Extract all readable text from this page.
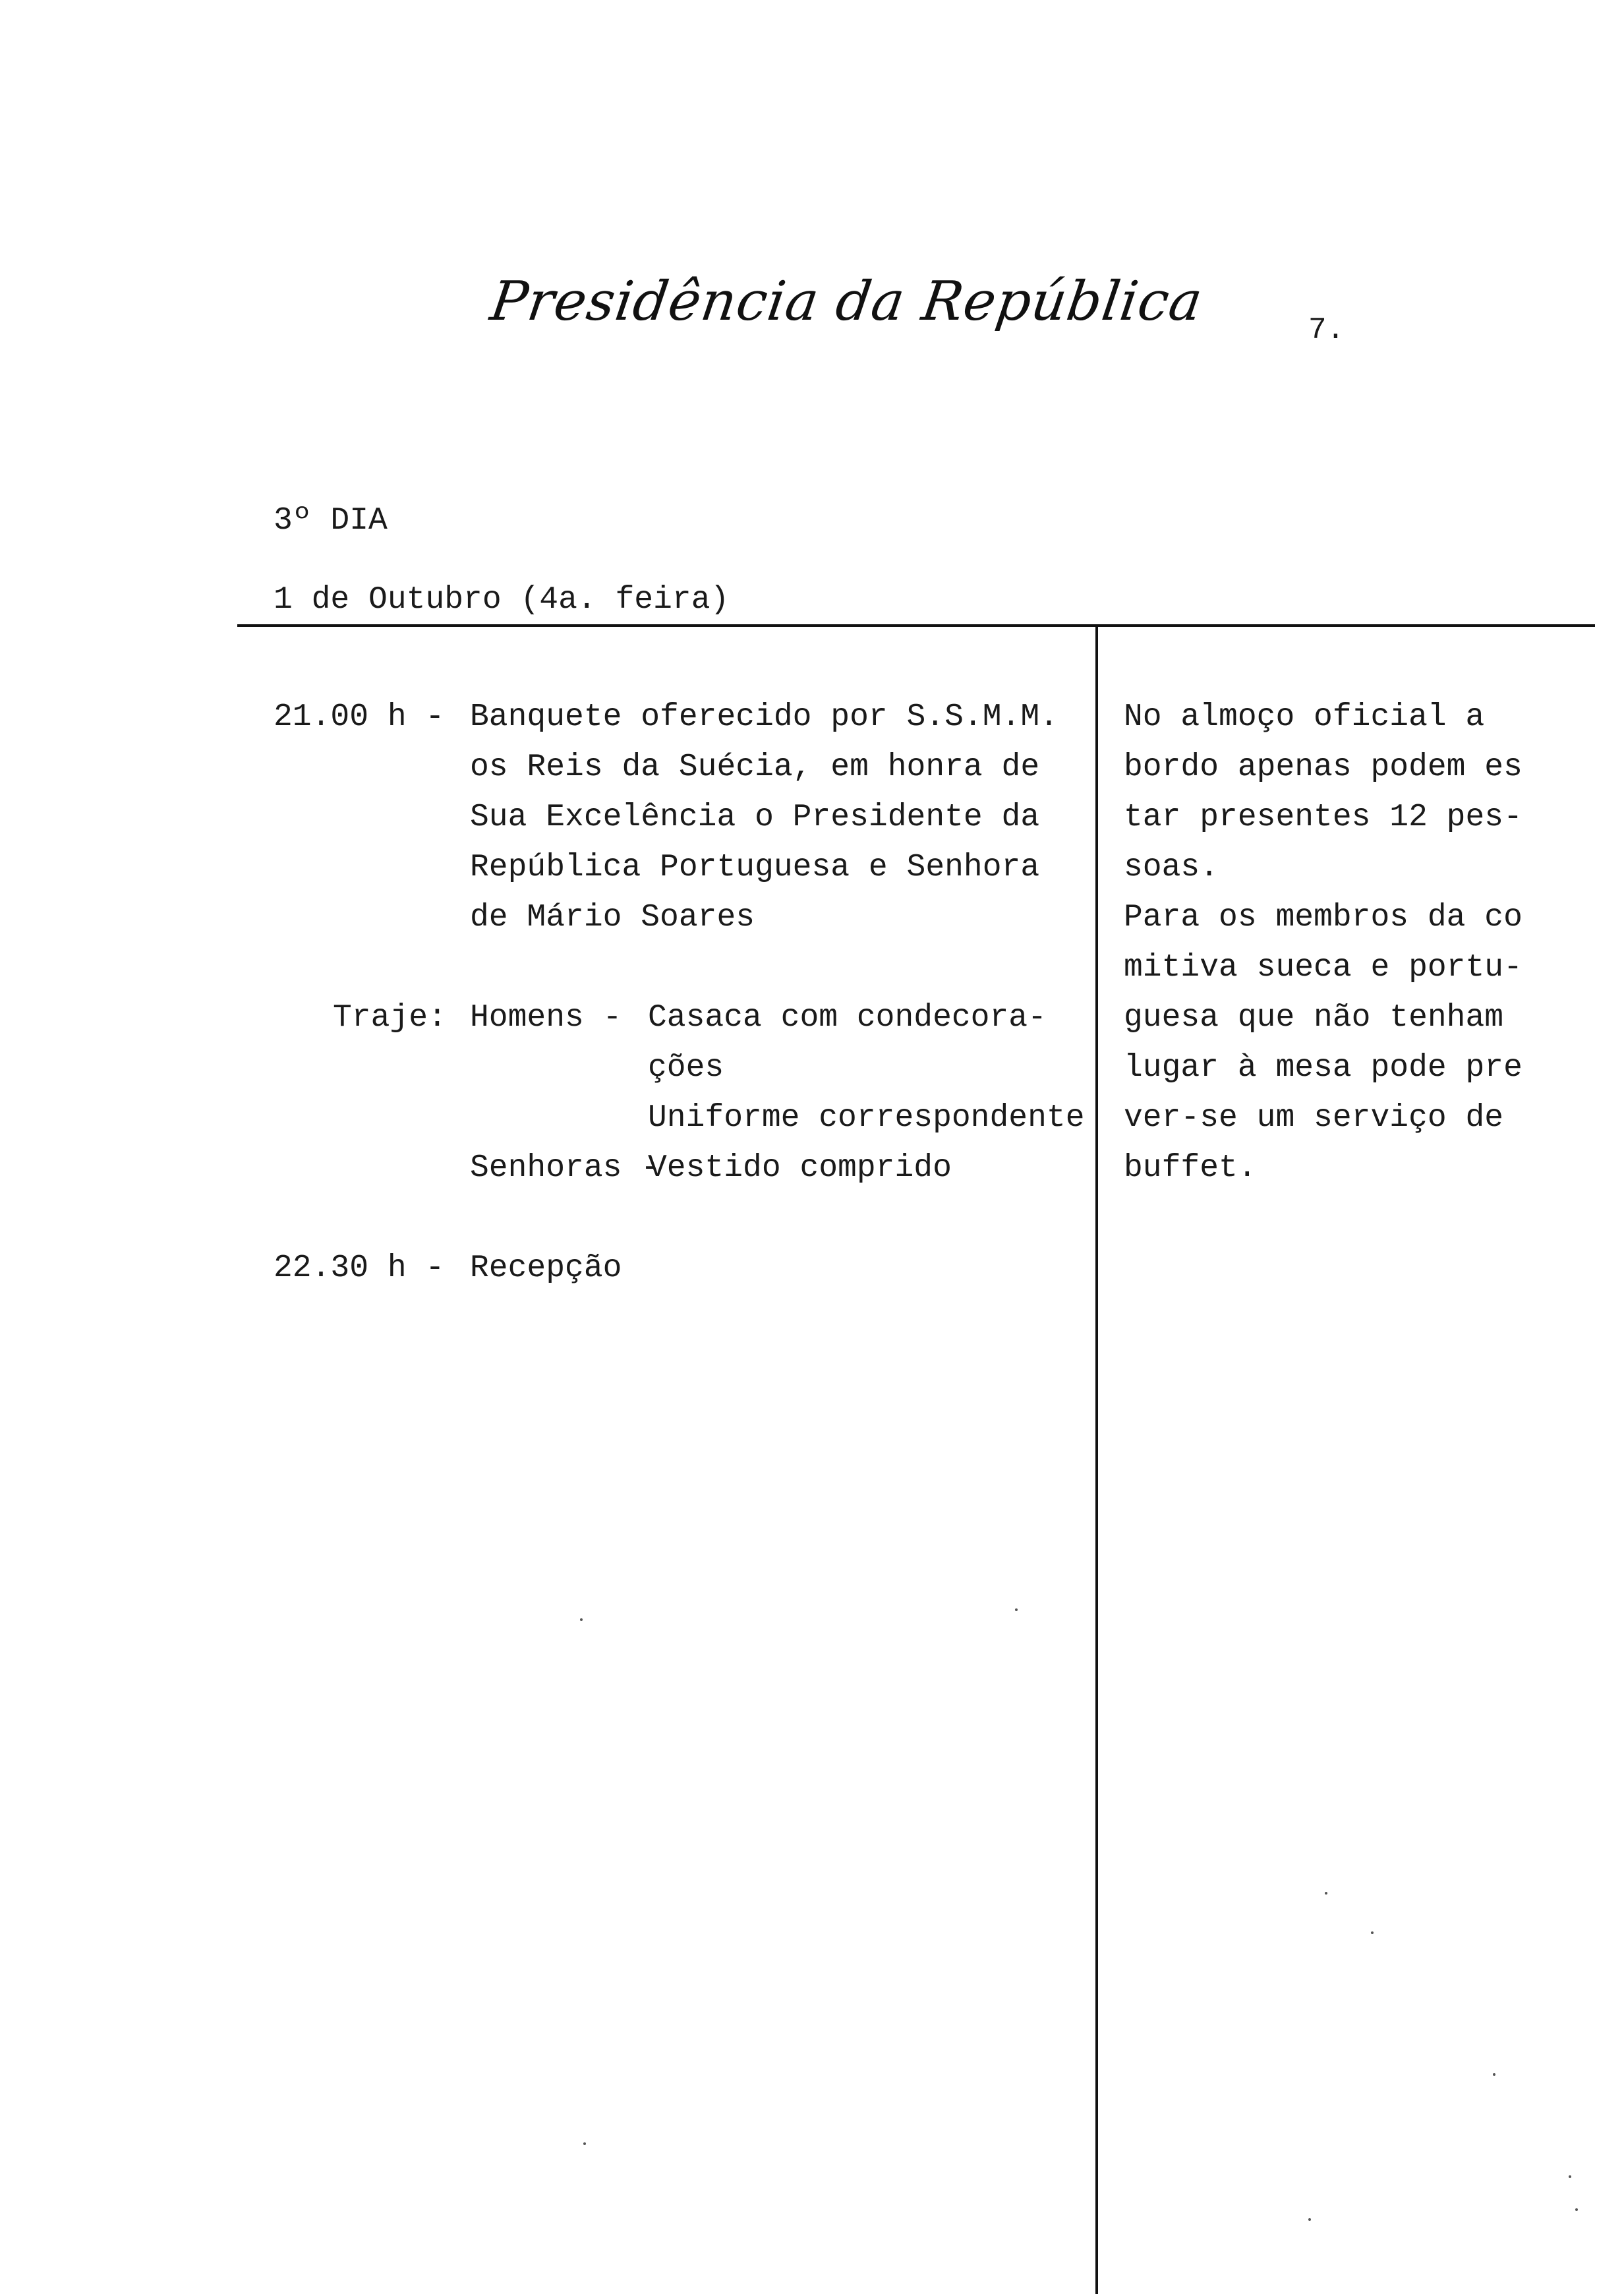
Presidência da República	7.
3º DIA
1 de Outubro (4a. feira)
21.00 h - Banquete oferecido por S.S.M.M.
os Reis da Suécia, em honra de
Sua Excelência o Presidente da
República Portuguesa e Senhora
de Mário Soares
Traje: Homens - Casaca com condecora-
ções
Uniforme correspondente
Senhoras -
Vestido comprido
22.30 h - Recepção
No almoço oficial a
bordo apenas podem es
tar presentes 12 pes-
soas.
Para os membros da co
mitiva sueca e portu-
guesa que não tenham
lugar à mesa pode pre
ver-se um serviço de
buffet.
